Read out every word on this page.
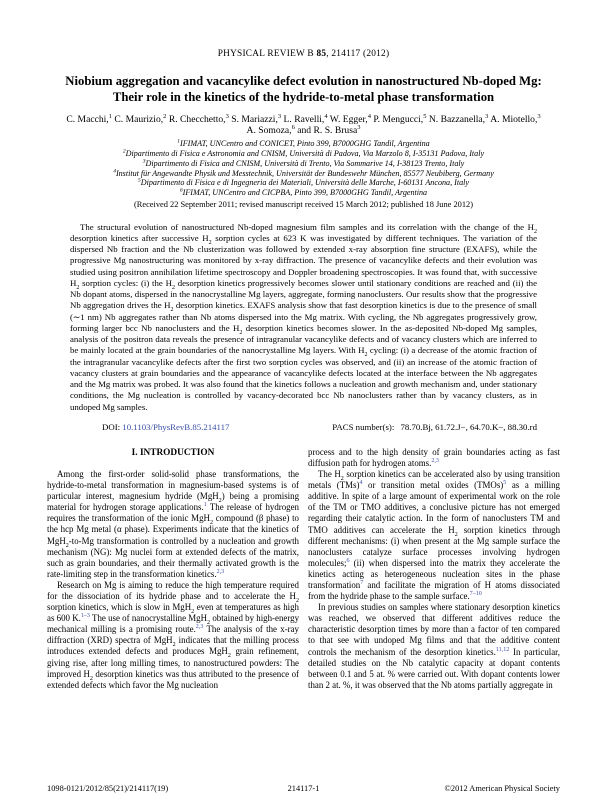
PHYSICAL REVIEW B 85, 214117 (2012)
Niobium aggregation and vacancylike defect evolution in nanostructured Nb-doped Mg:
Their role in the kinetics of the hydride-to-metal phase transformation
C. Macchi,$^1$ C. Maurizio,$^2$ R. Checchetto,$^3$ S. Mariazzi,$^3$ L. Ravelli,$^4$ W. Egger,$^4$ P. Mengucci,$^5$ N. Bazzanella,$^3$ A. Miotello,$^3$
A. Somoza,$^6$ and R. S. Brusa$^3$
$^1$IFIMAT, UNCentro and CONICET, Pinto 399, B7000GHG Tandil, Argentina
$^2$Dipartimento di Fisica e Astronomia and CNISM, Università di Padova, Via Marzolo 8, I-35131 Padova, Italy
$^3$Dipartimento di Fisica and CNISM, Università di Trento, Via Sommarive 14, I-38123 Trento, Italy
$^4$Institut für Angewandte Physik und Messtechnik, Universität der Bundeswehr München, 85577 Neubiberg, Germany
$^5$Dipartimento di Fisica e di Ingegneria dei Materiali, Università delle Marche, I-60131 Ancona, Italy
$^6$IFIMAT, UNCentro and CICPBA, Pinto 399, B7000GHG Tandil, Argentina
(Received 22 September 2011; revised manuscript received 15 March 2012; published 18 June 2012)
The structural evolution of nanostructured Nb-doped magnesium film samples and its correlation with the change of the $H_2$ desorption kinetics after successive $H_2$ sorption cycles at 623 K was investigated by different techniques. The variation of the dispersed Nb fraction and the Nb clusterization was followed by extended x-ray absorption fine structure (EXAFS), while the progressive Mg nanostructuring was monitored by x-ray diffraction. The presence of vacancylike defects and their evolution was studied using positron annihilation lifetime spectroscopy and Doppler broadening spectroscopies. It was found that, with successive $H_2$ sorption cycles: (i) the $H_2$ desorption kinetics progressively becomes slower until stationary conditions are reached and (ii) the Nb dopant atoms, dispersed in the nanocrystalline Mg layers, aggregate, forming nanoclusters. Our results show that the progressive Nb aggregation drives the $H_2$ desorption kinetics. EXAFS analysis show that fast desorption kinetics is due to the presence of small (∼1 nm) Nb aggregates rather than Nb atoms dispersed into the Mg matrix. With cycling, the Nb aggregates progressively grow, forming larger bcc Nb nanoclusters and the $H_2$ desorption kinetics becomes slower. In the as-deposited Nb-doped Mg samples, analysis of the positron data reveals the presence of intragranular vacancylike defects and of vacancy clusters which are inferred to be mainly located at the grain boundaries of the nanocrystalline Mg layers. With $H_2$ cycling: (i) a decrease of the atomic fraction of the intragranular vacancylike defects after the first two sorption cycles was observed, and (ii) an increase of the atomic fraction of vacancy clusters at grain boundaries and the appearance of vacancylike defects located at the interface between the Nb aggregates and the Mg matrix was probed. It was also found that the kinetics follows a nucleation and growth mechanism and, under stationary conditions, the Mg nucleation is controlled by vacancy-decorated bcc Nb nanoclusters rather than by vacancy clusters, as in undoped Mg samples.
DOI:
10.1103/PhysRevB.85.214117	PACS number(s): 78.70.Bj, 61.72.J−, 64.70.K−, 88.30.rd
I. INTRODUCTION

Among the first-order solid-solid phase transformations, the hydride-to-metal transformation in magnesium-based systems is of particular interest, magnesium hydride (MgH$_2$) being a promising material for hydrogen storage applications.$^1$ The release of hydrogen requires the transformation of the ionic MgH$_2$ compound (β phase) to the hcp Mg metal (α phase). Experiments indicate that the kinetics of MgH$_2$-to-Mg transformation is controlled by a nucleation and growth mechanism (NG): Mg nuclei form at extended defects of the matrix, such as grain boundaries, and their thermally activated growth is the rate-limiting step in the transformation kinetics.$^{2,3}$

Research on Mg is aiming to reduce the high temperature required for the dissociation of its hydride phase and to accelerate the $H_2$ sorption kinetics, which is slow in MgH$_2$ even at temperatures as high as 600 K.$^{1-3}$ The use of nanocrystalline MgH$_2$ obtained by high-energy mechanical milling is a promising route.$^{2,3}$ The analysis of the x-ray diffraction (XRD) spectra of MgH$_2$ indicates that the milling process introduces extended defects and produces MgH$_2$ grain refinement, giving rise, after long milling times, to nanostructured powders: The improved $H_2$ desorption kinetics was thus attributed to the presence of extended defects which favor the Mg nucleation

process and to the high density of grain boundaries acting as fast diffusion path for hydrogen atoms.$^{2,3}$

The $H_2$ sorption kinetics can be accelerated also by using transition metals (TMs)$^4$ or transition metal oxides (TMOs)$^5$ as a milling additive. In spite of a large amount of experimental work on the role of the TM or TMO additives, a conclusive picture has not emerged regarding their catalytic action. In the form of nanoclusters TM and TMO additives can accelerate the $H_2$ sorption kinetics through different mechanisms: (i) when present at the Mg sample surface the nanoclusters catalyze surface processes involving hydrogen molecules;$^6$ (ii) when dispersed into the matrix they accelerate the kinetics acting as heterogeneous nucleation sites in the phase transformation$^7$ and facilitate the migration of H atoms dissociated from the hydride phase to the sample surface.$^{7-10}$

In previous studies on samples where stationary desorption kinetics was reached, we observed that different additives reduce the characteristic desorption times by more than a factor of ten compared to that see with undoped Mg films and that the additive content controls the mechanism of the desorption kinetics.$^{11,12}$ In particular, detailed studies on the Nb catalytic capacity at dopant contents between 0.1 and 5 at. % were carried out. With dopant contents lower than 2 at. %, it was observed that the Nb atoms partially aggregate in

214117-1
1098-0121/2012/85(21)/214117(19)	©2012 American Physical Society
